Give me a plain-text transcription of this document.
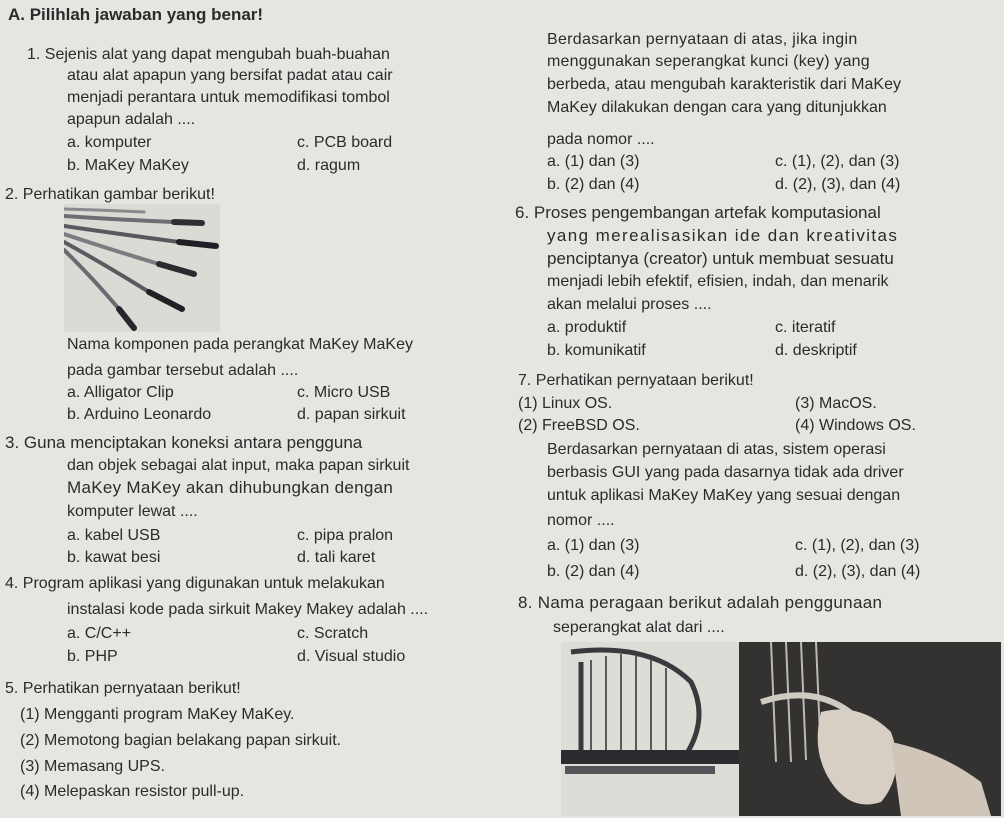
A. Pilihlah jawaban yang benar!
1. Sejenis alat yang dapat mengubah buah-buahan
atau alat apapun yang bersifat padat atau cair
menjadi perantara untuk memodifikasi tombol
apapun adalah ....
a. komputer	c. PCB board
b. MaKey MaKey	d. ragum
2. Perhatikan gambar berikut!
Nama komponen pada perangkat MaKey MaKey
pada gambar tersebut adalah ....
a. Alligator Clip	c. Micro USB
b. Arduino Leonardo	d. papan sirkuit
3. Guna menciptakan koneksi antara pengguna
dan objek sebagai alat input, maka papan sirkuit
MaKey MaKey akan dihubungkan dengan
komputer lewat ....
a. kabel USB	c. pipa pralon
b. kawat besi	d. tali karet
4. Program aplikasi yang digunakan untuk melakukan
instalasi kode pada sirkuit Makey Makey adalah ....
a. C/C++	c. Scratch
b. PHP	d. Visual studio
5. Perhatikan pernyataan berikut!
(1) Mengganti program MaKey MaKey.
(2) Memotong bagian belakang papan sirkuit.
(3) Memasang UPS.
(4) Melepaskan resistor pull-up.
Berdasarkan pernyataan di atas, jika ingin
menggunakan seperangkat kunci (key) yang
berbeda, atau mengubah karakteristik dari MaKey
MaKey dilakukan dengan cara yang ditunjukkan
pada nomor ....
a. (1) dan (3)	c. (1), (2), dan (3)
b. (2) dan (4)	d. (2), (3), dan (4)
6. Proses pengembangan artefak komputasional
yang merealisasikan ide dan kreativitas
penciptanya (creator) untuk membuat sesuatu
menjadi lebih efektif, efisien, indah, dan menarik
akan melalui proses ....
a. produktif	c. iteratif
b. komunikatif	d. deskriptif
7. Perhatikan pernyataan berikut!
(1) Linux OS.	(3) MacOS.
(2) FreeBSD OS.	(4) Windows OS.
Berdasarkan pernyataan di atas, sistem operasi
berbasis GUI yang pada dasarnya tidak ada driver
untuk aplikasi MaKey MaKey yang sesuai dengan
nomor ....
a. (1) dan (3)	c. (1), (2), dan (3)
b. (2) dan (4)	d. (2), (3), dan (4)
8. Nama peragaan berikut adalah penggunaan
seperangkat alat dari ....
